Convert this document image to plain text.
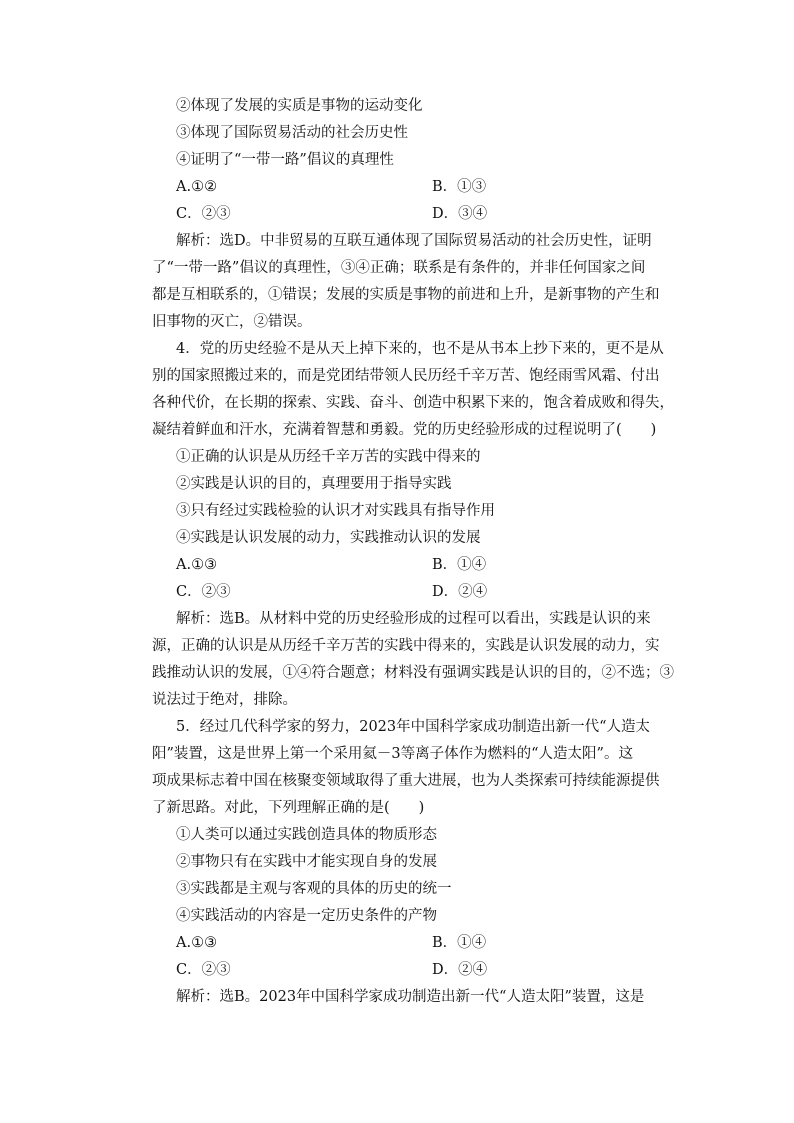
②体现了发展的实质是事物的运动变化
③体现了国际贸易活动的社会历史性
④证明了“一带一路”倡议的真理性
A.①②	B．①③
C．②③	D．③④
解析：选D。中非贸易的互联互通体现了国际贸易活动的社会历史性，证明
了“一带一路”倡议的真理性，③④正确；联系是有条件的，并非任何国家之间
都是互相联系的，①错误；发展的实质是事物的前进和上升，是新事物的产生和
旧事物的灭亡，②错误。
4．党的历史经验不是从天上掉下来的，也不是从书本上抄下来的，更不是从
别的国家照搬过来的，而是党团结带领人民历经千辛万苦、饱经雨雪风霜、付出
各种代价，在长期的探索、实践、奋斗、创造中积累下来的，饱含着成败和得失，
凝结着鲜血和汗水，充满着智慧和勇毅。党的历史经验形成的过程说明了(　　)
①正确的认识是从历经千辛万苦的实践中得来的
②实践是认识的目的，真理要用于指导实践
③只有经过实践检验的认识才对实践具有指导作用
④实践是认识发展的动力，实践推动认识的发展
A.①③	B．①④
C．②③	D．②④
解析：选B。从材料中党的历史经验形成的过程可以看出，实践是认识的来
源，正确的认识是从历经千辛万苦的实践中得来的，实践是认识发展的动力，实
践推动认识的发展，①④符合题意；材料没有强调实践是认识的目的，②不选；③
说法过于绝对，排除。
5．经过几代科学家的努力，2023年中国科学家成功制造出新一代“人造太
阳”装置，这是世界上第一个采用氦－3等离子体作为燃料的“人造太阳”。这
项成果标志着中国在核聚变领域取得了重大进展，也为人类探索可持续能源提供
了新思路。对此，下列理解正确的是(　　)
①人类可以通过实践创造具体的物质形态
②事物只有在实践中才能实现自身的发展
③实践都是主观与客观的具体的历史的统一
④实践活动的内容是一定历史条件的产物
A.①③	B．①④
C．②③	D．②④
解析：选B。2023年中国科学家成功制造出新一代“人造太阳”装置，这是
